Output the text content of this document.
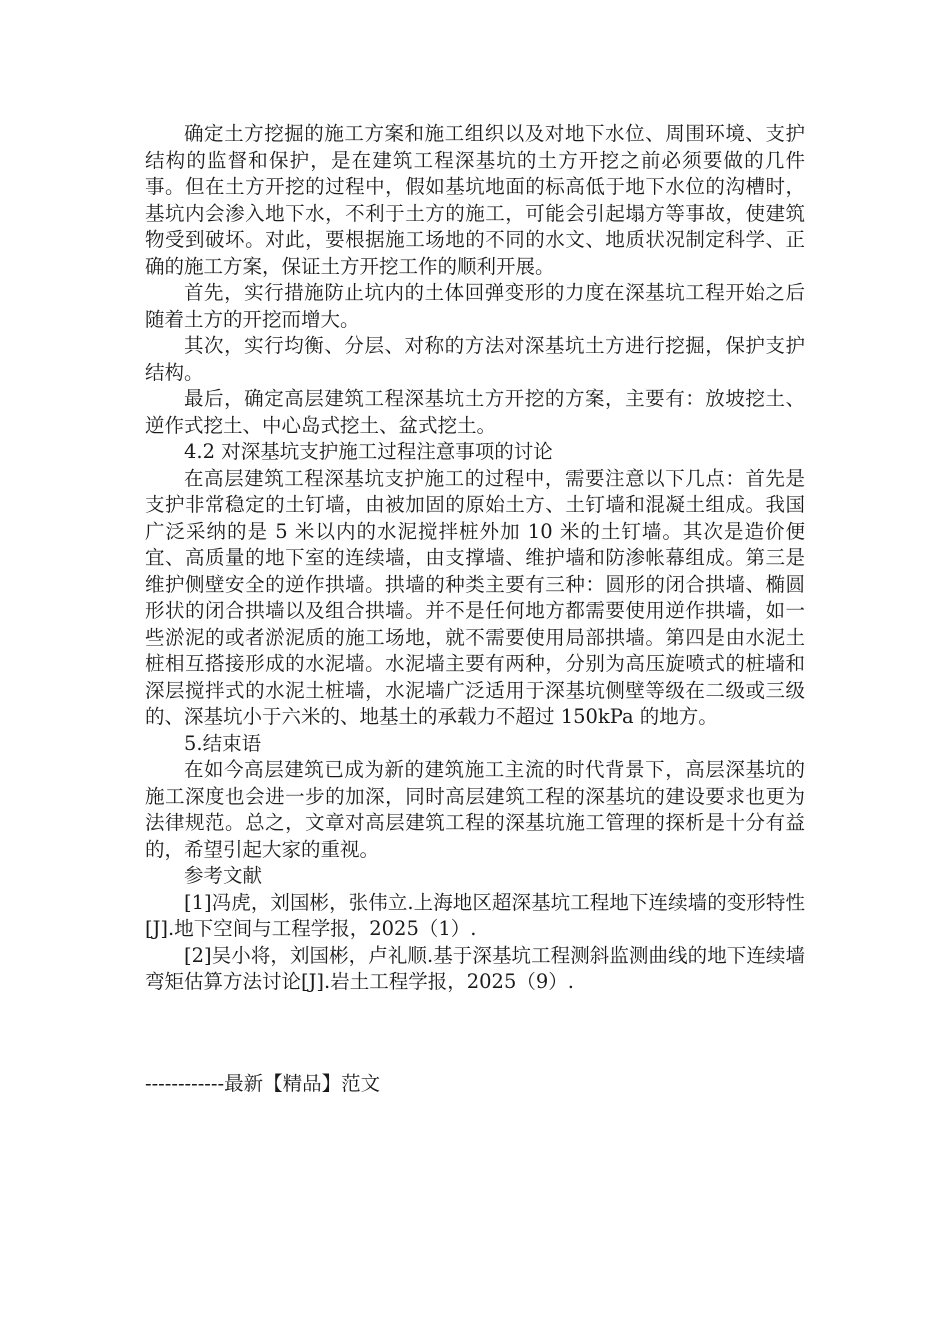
确定土方挖掘的施工方案和施工组织以及对地下水位、周围环境、支护结构的监督和保护，是在建筑工程深基坑的土方开挖之前必须要做的几件事。但在土方开挖的过程中，假如基坑地面的标高低于地下水位的沟槽时，基坑内会渗入地下水，不利于土方的施工，可能会引起塌方等事故，使建筑物受到破坏。对此，要根据施工场地的不同的水文、地质状况制定科学、正确的施工方案，保证土方开挖工作的顺利开展。

首先，实行措施防止坑内的土体回弹变形的力度在深基坑工程开始之后随着土方的开挖而增大。

其次，实行均衡、分层、对称的方法对深基坑土方进行挖掘，保护支护结构。

最后，确定高层建筑工程深基坑土方开挖的方案，主要有：放坡挖土、逆作式挖土、中心岛式挖土、盆式挖土。

4.2 对深基坑支护施工过程注意事项的讨论

在高层建筑工程深基坑支护施工的过程中，需要注意以下几点：首先是支护非常稳定的土钉墙，由被加固的原始土方、土钉墙和混凝土组成。我国广泛采纳的是 5 米以内的水泥搅拌桩外加 10 米的土钉墙。其次是造价便宜、高质量的地下室的连续墙，由支撑墙、维护墙和防渗帐幕组成。第三是维护侧壁安全的逆作拱墙。拱墙的种类主要有三种：圆形的闭合拱墙、椭圆形状的闭合拱墙以及组合拱墙。并不是任何地方都需要使用逆作拱墙，如一些淤泥的或者淤泥质的施工场地，就不需要使用局部拱墙。第四是由水泥土桩相互搭接形成的水泥墙。水泥墙主要有两种，分别为高压旋喷式的桩墙和深层搅拌式的水泥土桩墙，水泥墙广泛适用于深基坑侧壁等级在二级或三级的、深基坑小于六米的、地基土的承载力不超过 150kPa 的地方。

5.结束语

在如今高层建筑已成为新的建筑施工主流的时代背景下，高层深基坑的施工深度也会进一步的加深，同时高层建筑工程的深基坑的建设要求也更为法律规范。总之，文章对高层建筑工程的深基坑施工管理的探析是十分有益的，希望引起大家的重视。

参考文献

[1]冯虎，刘国彬，张伟立.上海地区超深基坑工程地下连续墙的变形特性[J].地下空间与工程学报，2025（1）.

[2]吴小将，刘国彬，卢礼顺.基于深基坑工程测斜监测曲线的地下连续墙弯矩估算方法讨论[J].岩土工程学报，2025（9）.

------------最新【精品】范文
